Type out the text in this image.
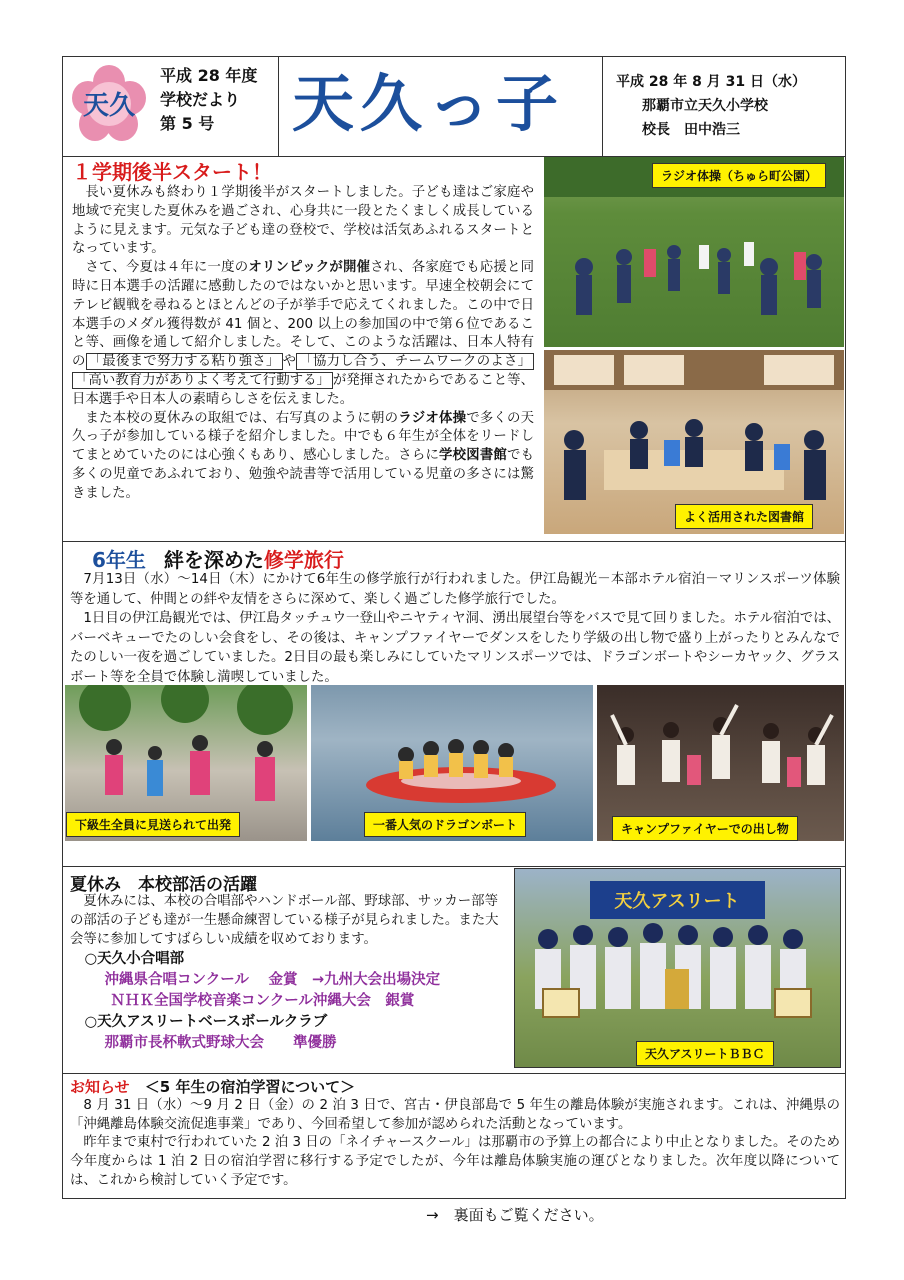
天久
平成 28 年度
学校だより
第 5 号	天久っ子	平成 28 年 8 月 31 日（水）
那覇市立天久小学校
校長　田中浩三
１学期後半スタート！

長い夏休みも終わり１学期後半がスタートしました。子ども達はご家庭や地域で充実した夏休みを過ごされ、心身共に一段とたくましく成長しているように見えます。元気な子ども達の登校で、学校は活気あふれるスタートとなっています。

さて、今夏は４年に一度のオリンピックが開催され、各家庭でも応援と同時に日本選手の活躍に感動したのではないかと思います。早速全校朝会にてテレビ観戦を尋ねるとほとんどの子が挙手で応えてくれました。この中で日本選手のメダル獲得数が 41 個と、200 以上の参加国の中で第６位であること等、画像を通して紹介しました。そして、このような活躍は、日本人特有の 「最後まで努力する粘り強さ」 や 「協力し合う、チームワークのよさ」「高い教育力がありよく考えて行動する」 が発揮されたからであること等、日本選手や日本人の素晴らしさを伝えました。

また本校の夏休みの取組では、右写真のように朝のラジオ体操で多くの天久っ子が参加している様子を紹介しました。中でも６年生が全体をリードしてまとめていたのには心強くもあり、感心しました。さらに学校図書館でも多くの児童であふれており、勉強や読書等で活用している児童の多さには驚きました。

ラジオ体操（ちゅら町公園）
よく活用された図書館
6年生 絆を深めた修学旅行

7月13日（水）～14日（木）にかけて6年生の修学旅行が行われました。伊江島観光－本部ホテル宿泊－マリンスポーツ体験等を通して、仲間との絆や友情をさらに深めて、楽しく過ごした修学旅行でした。

1日目の伊江島観光では、伊江島タッチュウ一登山やニヤティヤ洞、湧出展望台等をバスで見て回りました。ホテル宿泊では、バーベキューでたのしい会食をし、その後は、キャンプファイヤーでダンスをしたり学級の出し物で盛り上がったりとみんなでたのしい一夜を過ごしていました。2日目の最も楽しみにしていたマリンスポーツでは、ドラゴンボートやシーカヤック、グラスボート等を全員で体験し満喫していました。

下級生全員に見送られて出発	一番人気のドラゴンボート	キャンプファイヤーでの出し物
夏休み　本校部活の活躍

夏休みには、本校の合唱部やハンドボール部、野球部、サッカー部等の部活の子ども達が一生懸命練習している様子が見られました。また大会等に参加してすばらしい成績を収めております。

○天久小合唱部

沖縄県合唱コンクール　 金賞　→九州大会出場決定

ＮＨＫ全国学校音楽コンクール沖縄大会　銀賞

○天久アスリートベースボールクラブ

那覇市長杯軟式野球大会　　準優勝

天久アスリート
天久アスリートＢＢＣ
お知らせ ＜5 年生の宿泊学習について＞

8 月 31 日（水）～9 月 2 日（金）の 2 泊 3 日で、宮古・伊良部島で 5 年生の離島体験が実施されます。これは、沖縄県の「沖縄離島体験交流促進事業」であり、今回希望して参加が認められた活動となっています。

昨年まで東村で行われていた 2 泊 3 日の「ネイチャースクール」は那覇市の予算上の都合により中止となりました。そのため今年度からは 1 泊 2 日の宿泊学習に移行する予定でしたが、今年は離島体験実施の運びとなりました。次年度以降については、これから検討していく予定です。

→　裏面もご覧ください。
